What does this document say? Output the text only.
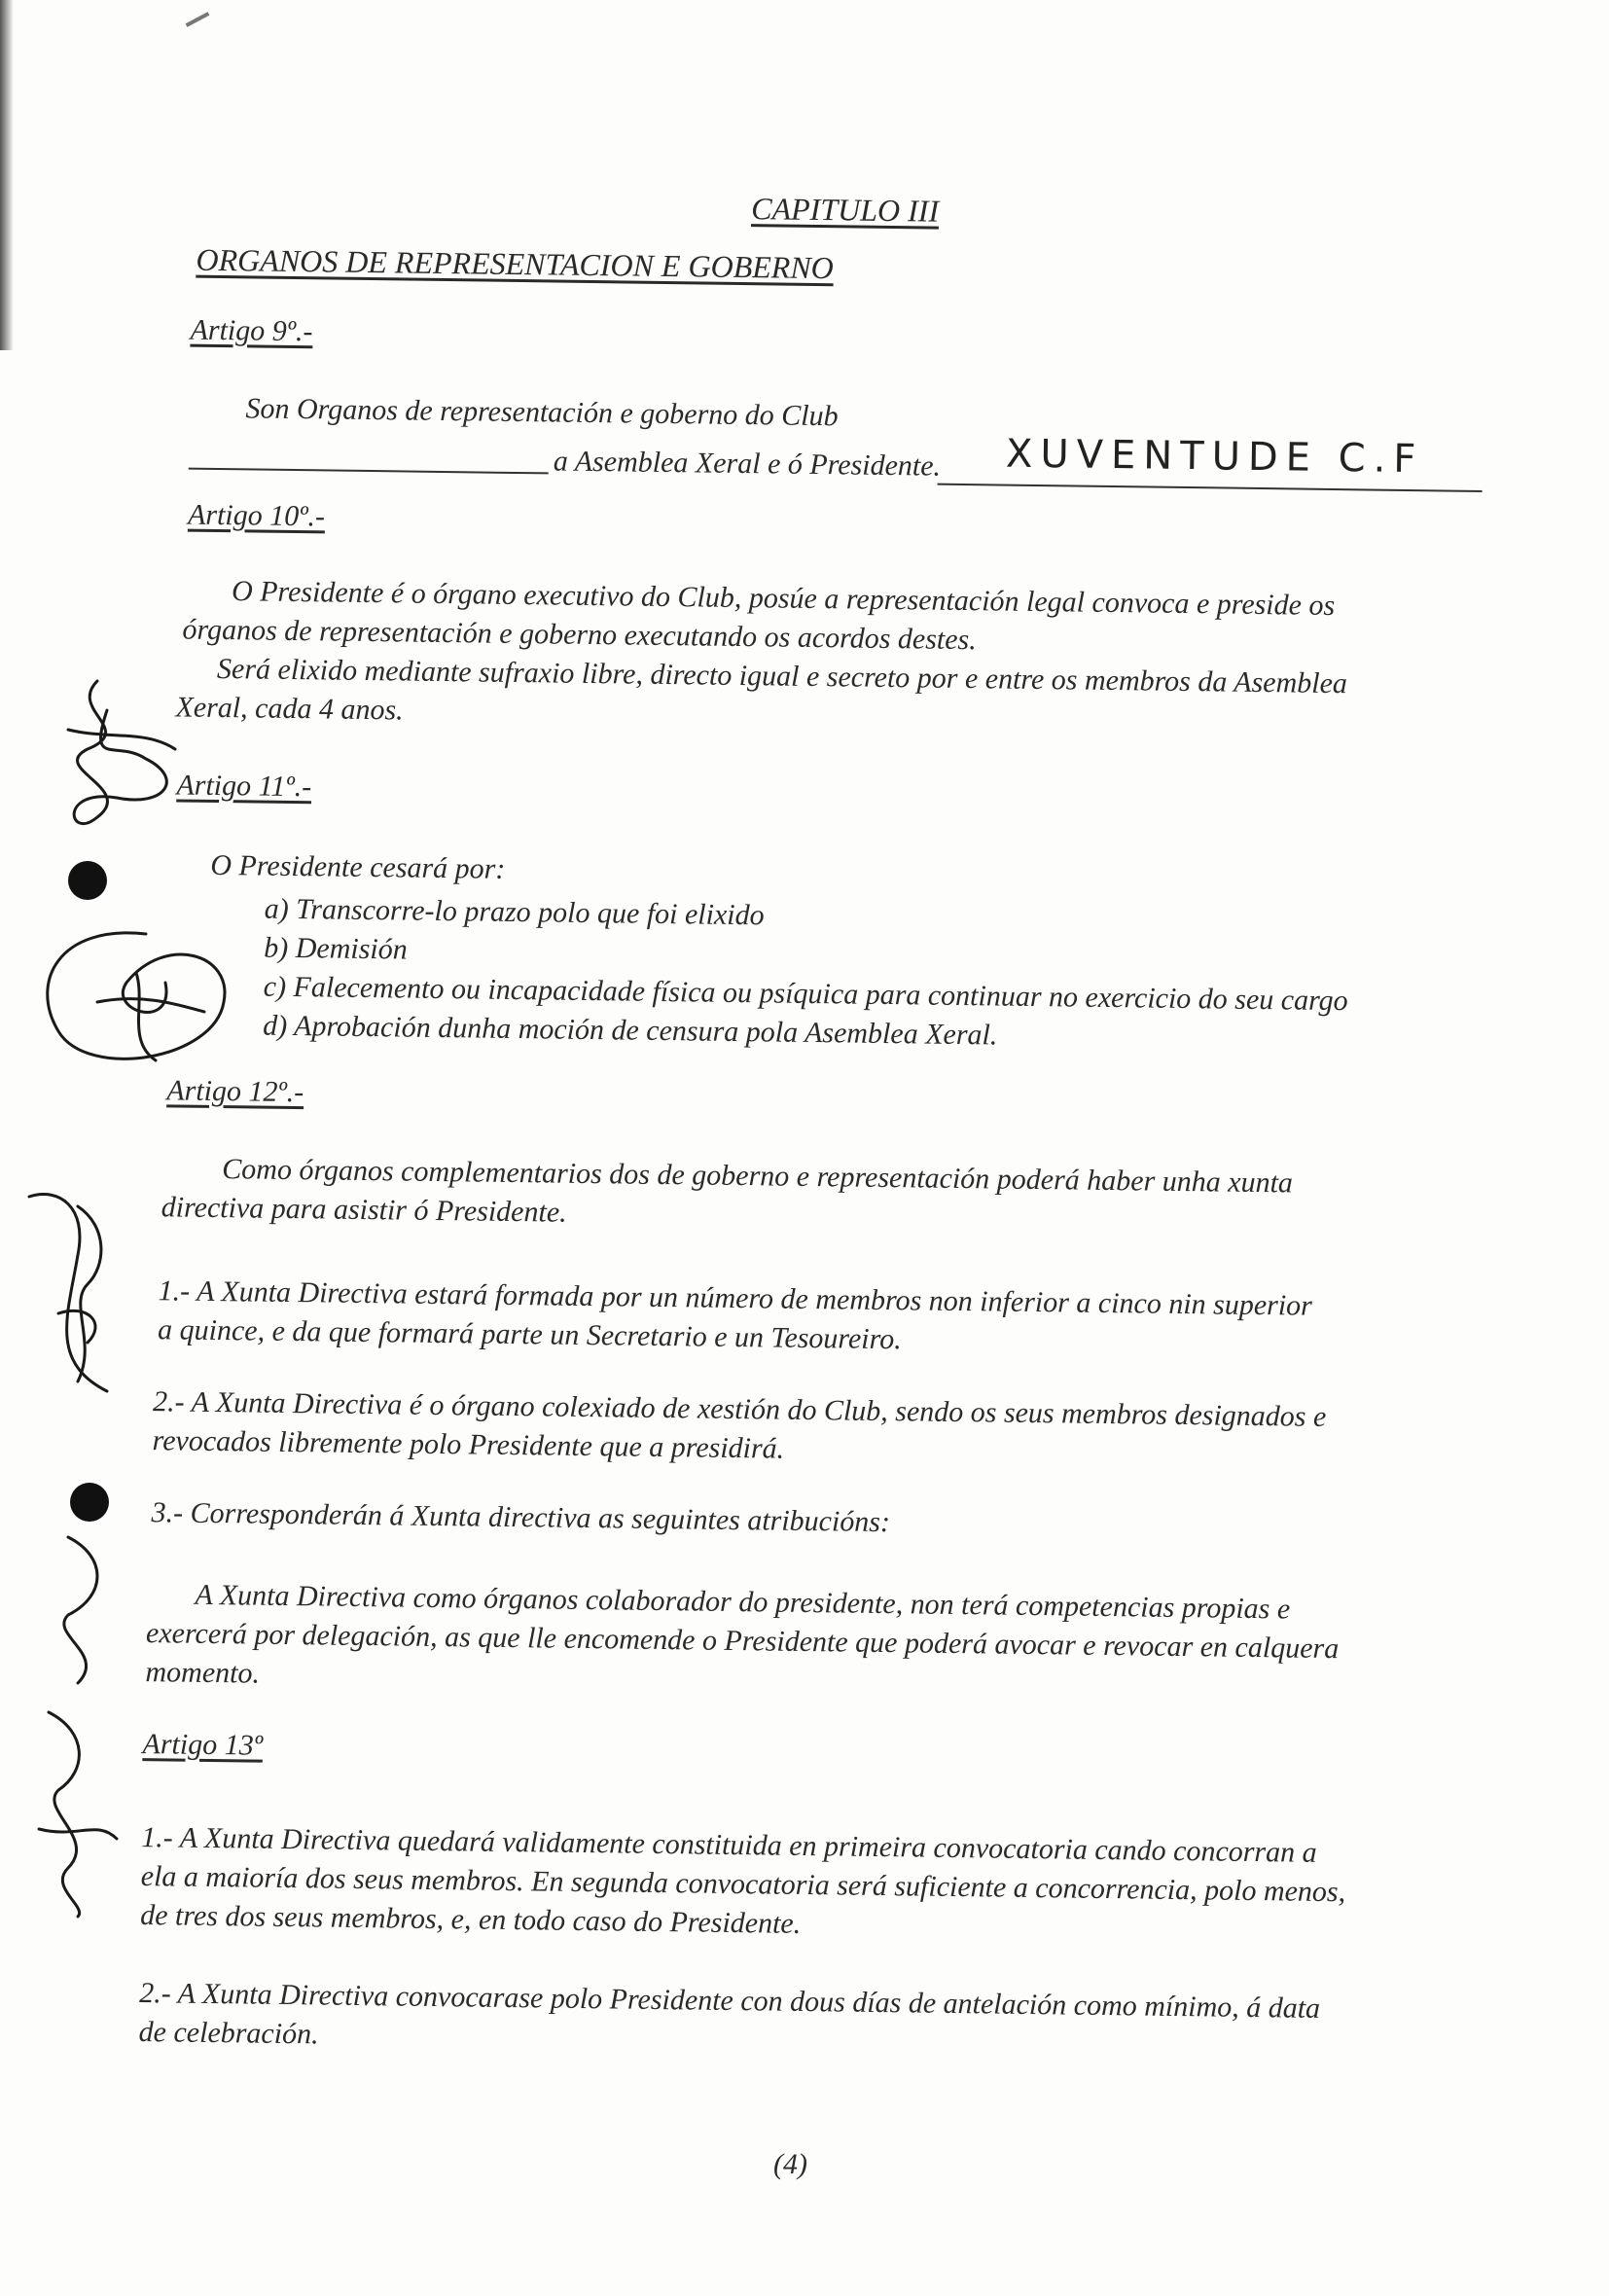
CAPITULO III
ORGANOS DE REPRESENTACION E GOBERNO
Artigo 9º.-
Son Organos de representación e goberno do Club
XUVENTUDE C.F
a Asemblea Xeral e ó Presidente.
Artigo 10º.-
O Presidente é o órgano executivo do Club, posúe a representación legal convoca e preside os
órganos de representación e goberno executando os acordos destes.
Será elixido mediante sufraxio libre, directo igual e secreto por e entre os membros da Asemblea
Xeral, cada 4 anos.
Artigo 11º.-
O Presidente cesará por:
a) Transcorre-lo prazo polo que foi elixido
b) Demisión
c) Falecemento ou incapacidade física ou psíquica para continuar no exercicio do seu cargo
d) Aprobación dunha moción de censura pola Asemblea Xeral.
Artigo 12º.-
Como órganos complementarios dos de goberno e representación poderá haber unha xunta
directiva para asistir ó Presidente.
1.- A Xunta Directiva estará formada por un número de membros non inferior a cinco nin superior
a quince, e da que formará parte un Secretario e un Tesoureiro.
2.- A Xunta Directiva é o órgano colexiado de xestión do Club, sendo os seus membros designados e
revocados libremente polo Presidente que a presidirá.
3.- Corresponderán á Xunta directiva as seguintes atribucións:
A Xunta Directiva como órganos colaborador do presidente, non terá competencias propias e
exercerá por delegación, as que lle encomende o Presidente que poderá avocar e revocar en calquera
momento.
Artigo 13º
1.- A Xunta Directiva quedará validamente constituida en primeira convocatoria cando concorran a
ela a maioría dos seus membros. En segunda convocatoria será suficiente a concorrencia, polo menos,
de tres dos seus membros, e, en todo caso do Presidente.
2.- A Xunta Directiva convocarase polo Presidente con dous días de antelación como mínimo, á data
de celebración.
(4)
